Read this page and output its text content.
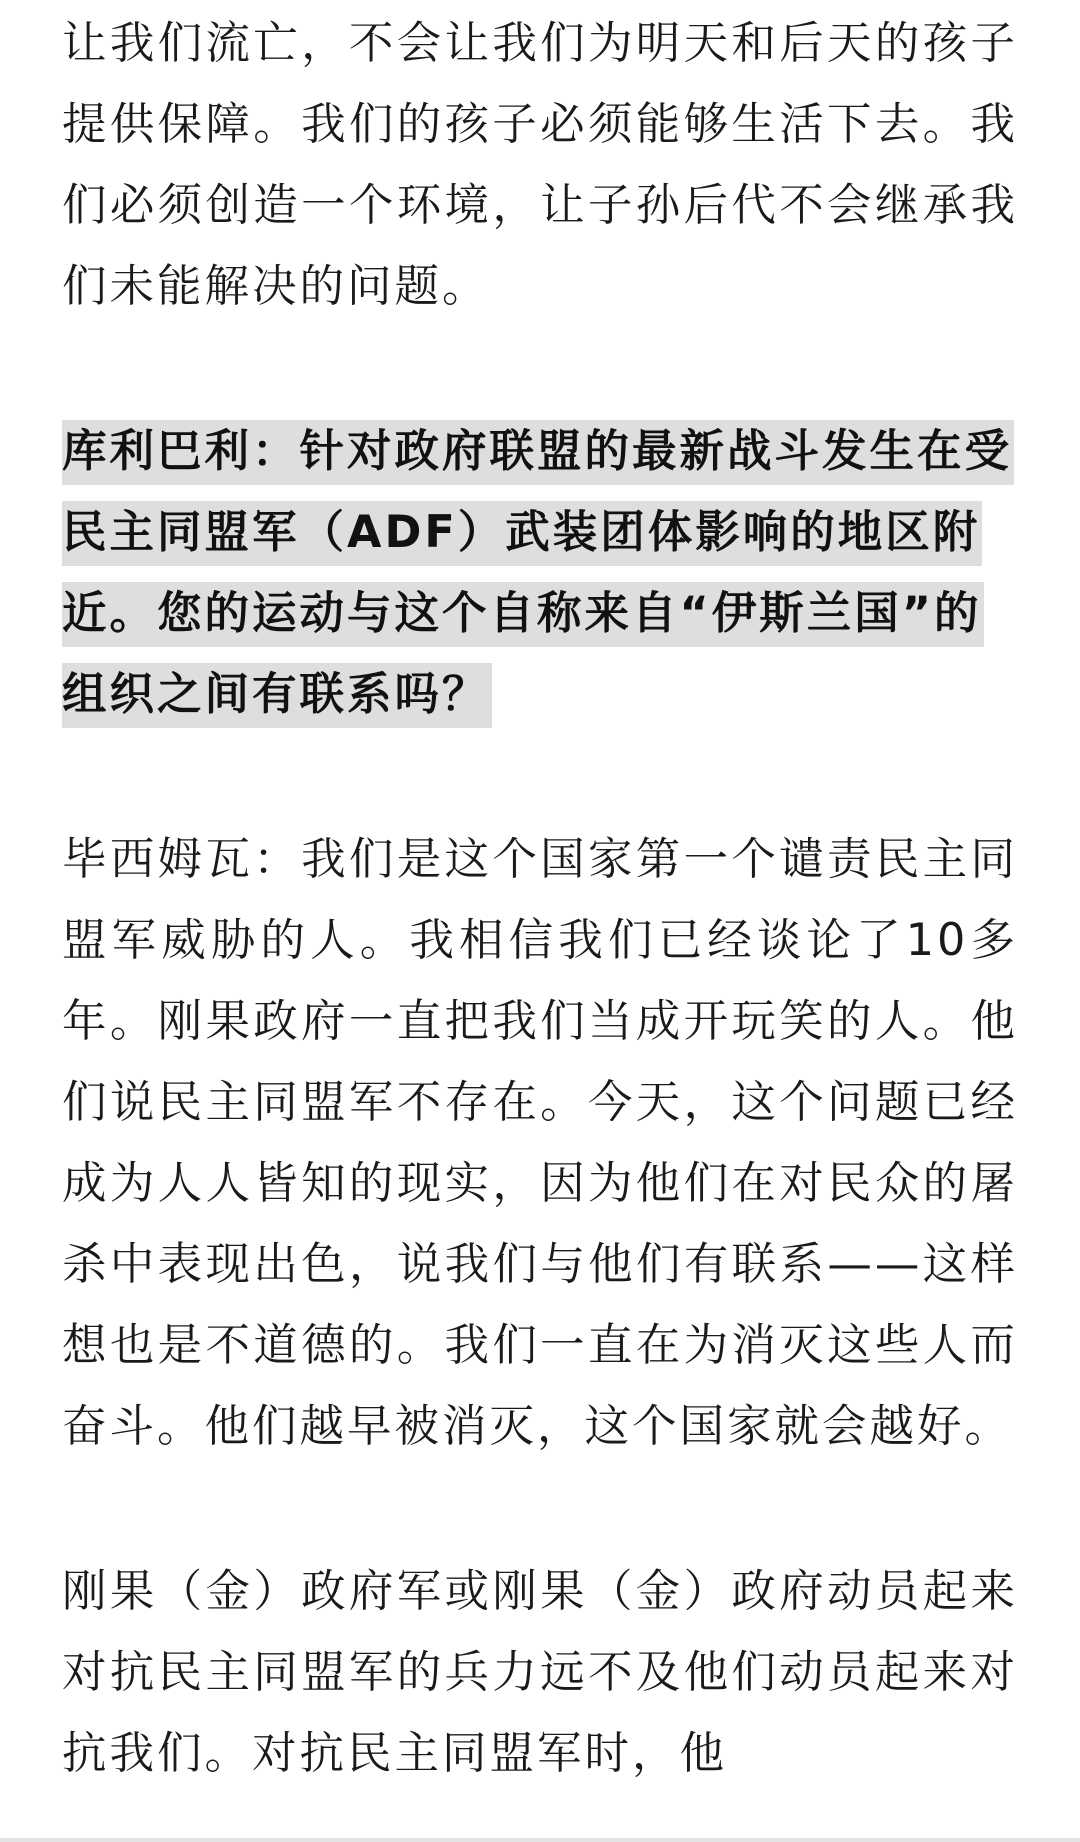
让我们流亡，不会让我们为明天和后天的孩子提供保障。我们的孩子必须能够生活下去。我们必须创造一个环境，让子孙后代不会继承我们未能解决的问题。

库利巴利：针对政府联盟的最新战斗发生在受民主同盟军（ADF）武装团体影响的地区附近。您的运动与这个自称来自“伊斯兰国”的组织之间有联系吗？

毕西姆瓦：我们是这个国家第一个谴责民主同盟军威胁的人。我相信我们已经谈论了10多年。刚果政府一直把我们当成开玩笑的人。他们说民主同盟军不存在。今天，这个问题已经成为人人皆知的现实，因为他们在对民众的屠杀中表现出色，说我们与他们有联系——这样想也是不道德的。我们一直在为消灭这些人而奋斗。他们越早被消灭，这个国家就会越好。

刚果（金）政府军或刚果（金）政府动员起来对抗民主同盟军的兵力远不及他们动员起来对抗我们。对抗民主同盟军时，他
